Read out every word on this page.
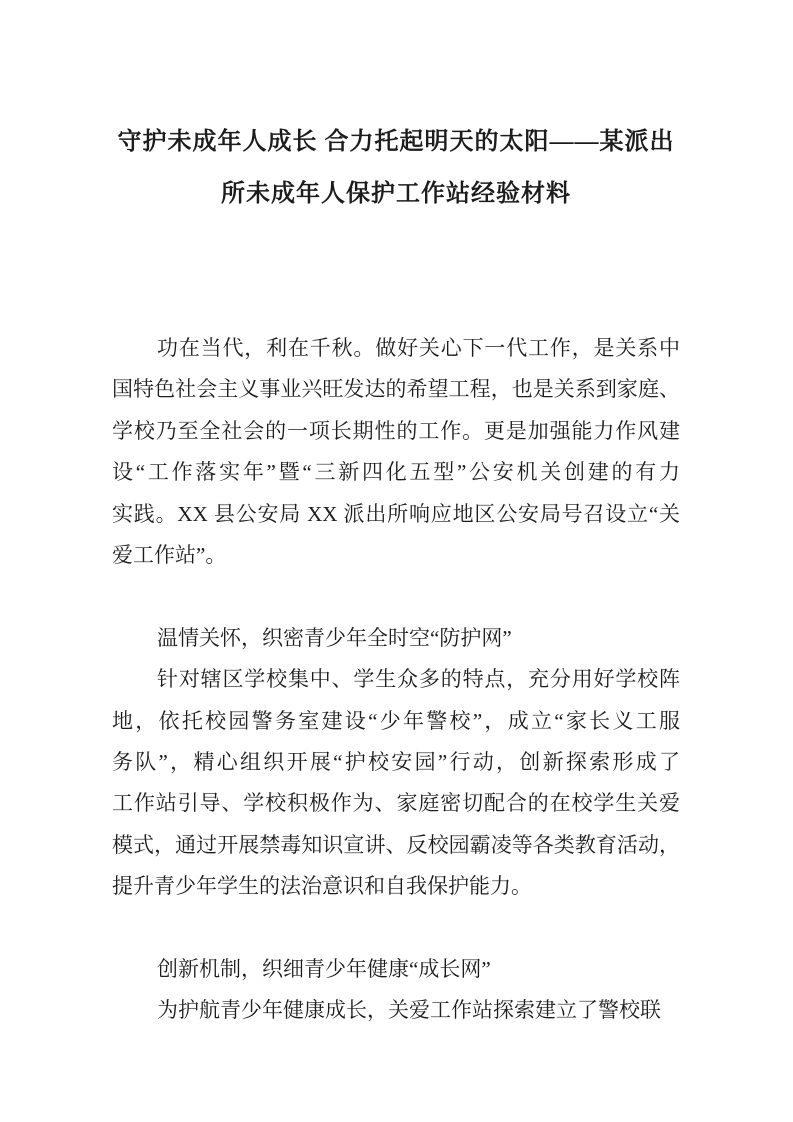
守护未成年人成长 合力托起明天的太阳——某派出
所未成年人保护工作站经验材料
功在当代，利在千秋。做好关心下一代工作，是关系中
国特色社会主义事业兴旺发达的希望工程，也是关系到家庭、
学校乃至全社会的一项长期性的工作。更是加强能力作风建
设“工作落实年”暨“三新四化五型”公安机关创建的有力
实践。XX 县公安局 XX 派出所响应地区公安局号召设立“关
爱工作站”。
温情关怀，织密青少年全时空“防护网”
针对辖区学校集中、学生众多的特点，充分用好学校阵
地，依托校园警务室建设“少年警校”，成立“家长义工服
务队”，精心组织开展“护校安园”行动，创新探索形成了
工作站引导、学校积极作为、家庭密切配合的在校学生关爱
模式，通过开展禁毒知识宣讲、反校园霸凌等各类教育活动，
提升青少年学生的法治意识和自我保护能力。
创新机制，织细青少年健康“成长网”
为护航青少年健康成长，关爱工作站探索建立了警校联
